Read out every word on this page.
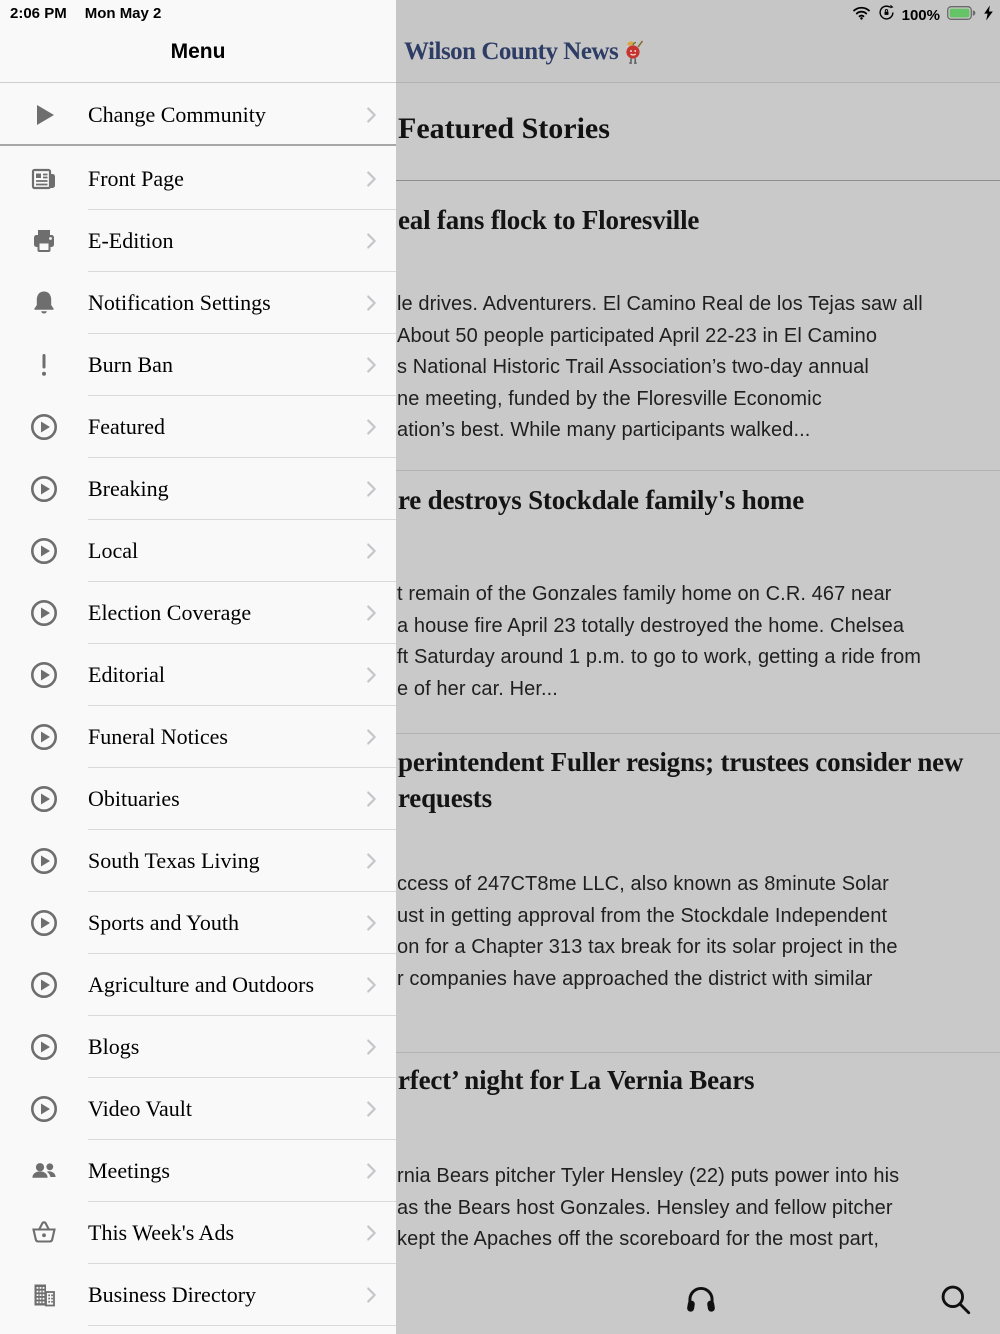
Wilson County News
Featured Stories
eal fans flock to Floresville
le drives. Adventurers. El Camino Real de los Tejas saw all
About 50 people participated April 22-23 in El Camino
s National Historic Trail Association’s two-day annual
ne meeting, funded by the Floresville Economic
ation’s best. While many participants walked...
re destroys Stockdale family's home
t remain of the Gonzales family home on C.R. 467 near
a house fire April 23 totally destroyed the home. Chelsea
ft Saturday around 1 p.m. to go to work, getting a ride from
e of her car. Her...
perintendent Fuller resigns; trustees consider new
requests
ccess of 247CT8me LLC, also known as 8minute Solar
ust in getting approval from the Stockdale Independent
on for a Chapter 313 tax break for its solar project in the
r companies have approached the district with similar
rfect’ night for La Vernia Bears
rnia Bears pitcher Tyler Hensley (22) puts power into his
as the Bears host Gonzales. Hensley and fellow pitcher
kept the Apaches off the scoreboard for the most part,
2:06 PM Mon May 2	100%
Menu
Change Community
Front Page
E-Edition
Notification Settings
Burn Ban
Featured
Breaking
Local
Election Coverage
Editorial
Funeral Notices
Obituaries
South Texas Living
Sports and Youth
Agriculture and Outdoors
Blogs
Video Vault
Meetings
This Week's Ads
Business Directory
